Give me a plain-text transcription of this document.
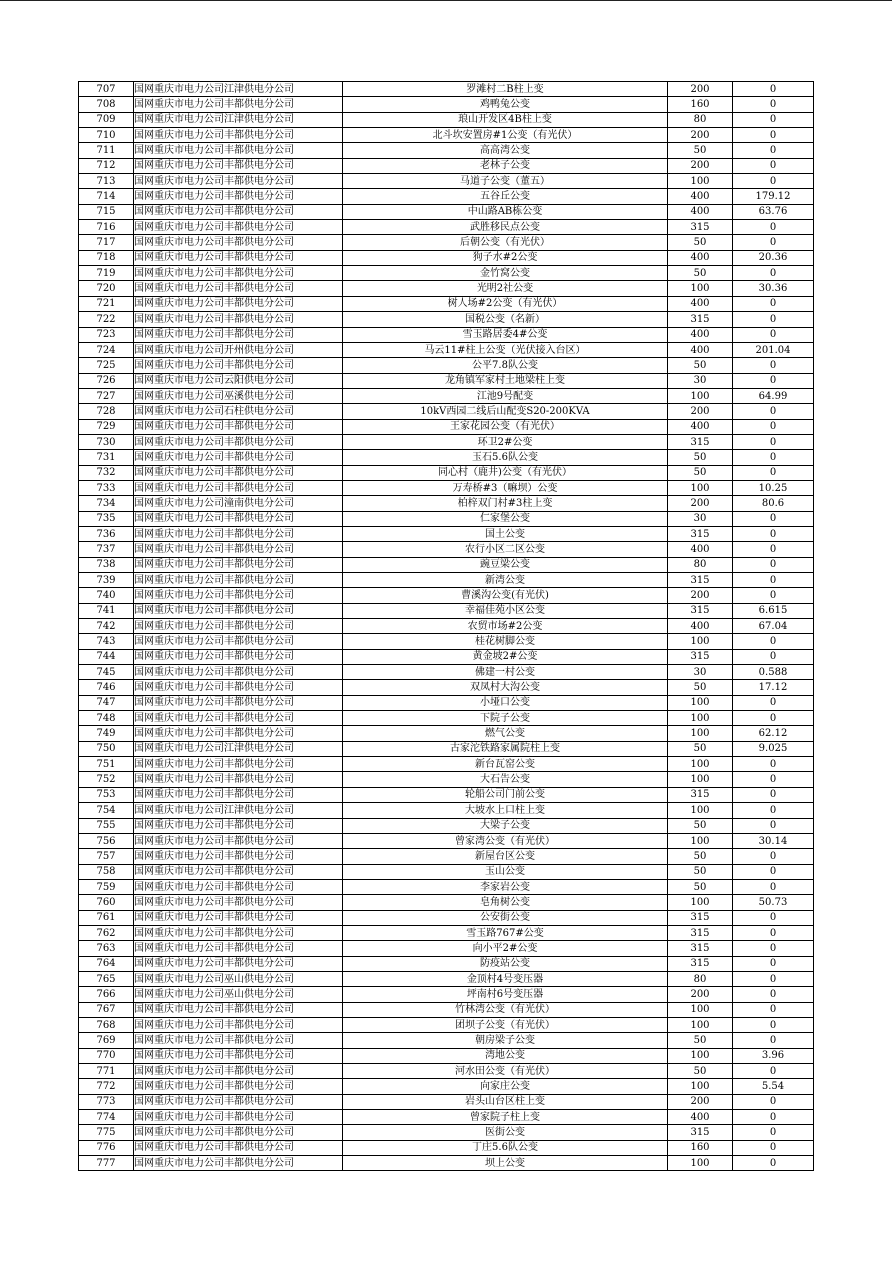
707	国网重庆市电力公司江津供电分公司	罗滩村二B柱上变	200	0
708	国网重庆市电力公司丰都供电分公司	鸡鸭兔公变	160	0
709	国网重庆市电力公司江津供电分公司	琅山开发区4B柱上变	80	0
710	国网重庆市电力公司丰都供电分公司	北斗坎安置房#1公变（有光伏）	200	0
711	国网重庆市电力公司丰都供电分公司	高高湾公变	50	0
712	国网重庆市电力公司丰都供电分公司	老林子公变	200	0
713	国网重庆市电力公司丰都供电分公司	马道子公变（董五）	100	0
714	国网重庆市电力公司丰都供电分公司	五谷丘公变	400	179.12
715	国网重庆市电力公司丰都供电分公司	中山路AB栋公变	400	63.76
716	国网重庆市电力公司丰都供电分公司	武胜移民点公变	315	0
717	国网重庆市电力公司丰都供电分公司	后朝公变（有光伏）	50	0
718	国网重庆市电力公司丰都供电分公司	狗子水#2公变	400	20.36
719	国网重庆市电力公司丰都供电分公司	金竹窝公变	50	0
720	国网重庆市电力公司丰都供电分公司	光明2社公变	100	30.36
721	国网重庆市电力公司丰都供电分公司	树人场#2公变（有光伏）	400	0
722	国网重庆市电力公司丰都供电分公司	国税公变（名新）	315	0
723	国网重庆市电力公司丰都供电分公司	雪玉路居委4#公变	400	0
724	国网重庆市电力公司开州供电分公司	马云11#柱上公变（光伏接入台区）	400	201.04
725	国网重庆市电力公司丰都供电分公司	公平7.8队公变	50	0
726	国网重庆市电力公司云阳供电分公司	龙角镇军家村土地梁柱上变	30	0
727	国网重庆市电力公司巫溪供电分公司	江池9号配变	100	64.99
728	国网重庆市电力公司石柱供电分公司	10kV西园二线后山配变S20-200KVA	200	0
729	国网重庆市电力公司丰都供电分公司	王家花园公变（有光伏）	400	0
730	国网重庆市电力公司丰都供电分公司	环卫2#公变	315	0
731	国网重庆市电力公司丰都供电分公司	玉石5.6队公变	50	0
732	国网重庆市电力公司丰都供电分公司	同心村（鹿井)公变（有光伏）	50	0
733	国网重庆市电力公司丰都供电分公司	万寿桥#3（嘛坝）公变	100	10.25
734	国网重庆市电力公司潼南供电分公司	柏梓双门村#3柱上变	200	80.6
735	国网重庆市电力公司丰都供电分公司	仁家堡公变	30	0
736	国网重庆市电力公司丰都供电分公司	国土公变	315	0
737	国网重庆市电力公司丰都供电分公司	农行小区二区公变	400	0
738	国网重庆市电力公司丰都供电分公司	豌豆梁公变	80	0
739	国网重庆市电力公司丰都供电分公司	新湾公变	315	0
740	国网重庆市电力公司丰都供电分公司	曹溪沟公变(有光伏)	200	0
741	国网重庆市电力公司丰都供电分公司	幸福佳苑小区公变	315	6.615
742	国网重庆市电力公司丰都供电分公司	农贸市场#2公变	400	67.04
743	国网重庆市电力公司丰都供电分公司	桂花树脚公变	100	0
744	国网重庆市电力公司丰都供电分公司	黄金坡2#公变	315	0
745	国网重庆市电力公司丰都供电分公司	佛建一村公变	30	0.588
746	国网重庆市电力公司丰都供电分公司	双凤村大沟公变	50	17.12
747	国网重庆市电力公司丰都供电分公司	小垭口公变	100	0
748	国网重庆市电力公司丰都供电分公司	下院子公变	100	0
749	国网重庆市电力公司丰都供电分公司	燃气公变	100	62.12
750	国网重庆市电力公司江津供电分公司	古家沱铁路家属院柱上变	50	9.025
751	国网重庆市电力公司丰都供电分公司	新台瓦窑公变	100	0
752	国网重庆市电力公司丰都供电分公司	大石告公变	100	0
753	国网重庆市电力公司丰都供电分公司	轮船公司门前公变	315	0
754	国网重庆市电力公司江津供电分公司	大坡水上口柱上变	100	0
755	国网重庆市电力公司丰都供电分公司	大梁子公变	50	0
756	国网重庆市电力公司丰都供电分公司	曾家湾公变（有光伏）	100	30.14
757	国网重庆市电力公司丰都供电分公司	新屋台区公变	50	0
758	国网重庆市电力公司丰都供电分公司	玉山公变	50	0
759	国网重庆市电力公司丰都供电分公司	李家岩公变	50	0
760	国网重庆市电力公司丰都供电分公司	皂角树公变	100	50.73
761	国网重庆市电力公司丰都供电分公司	公安街公变	315	0
762	国网重庆市电力公司丰都供电分公司	雪玉路767#公变	315	0
763	国网重庆市电力公司丰都供电分公司	向小平2#公变	315	0
764	国网重庆市电力公司丰都供电分公司	防疫站公变	315	0
765	国网重庆市电力公司巫山供电分公司	金顶村4号变压器	80	0
766	国网重庆市电力公司巫山供电分公司	坪南村6号变压器	200	0
767	国网重庆市电力公司丰都供电分公司	竹林湾公变（有光伏）	100	0
768	国网重庆市电力公司丰都供电分公司	团坝子公变（有光伏）	100	0
769	国网重庆市电力公司丰都供电分公司	朝房梁子公变	50	0
770	国网重庆市电力公司丰都供电分公司	湾地公变	100	3.96
771	国网重庆市电力公司丰都供电分公司	河水田公变（有光伏）	50	0
772	国网重庆市电力公司丰都供电分公司	向家庄公变	100	5.54
773	国网重庆市电力公司丰都供电分公司	岩头山台区柱上变	200	0
774	国网重庆市电力公司丰都供电分公司	曾家院子柱上变	400	0
775	国网重庆市电力公司丰都供电分公司	医街公变	315	0
776	国网重庆市电力公司丰都供电分公司	丁庄5.6队公变	160	0
777	国网重庆市电力公司丰都供电分公司	坝上公变	100	0
